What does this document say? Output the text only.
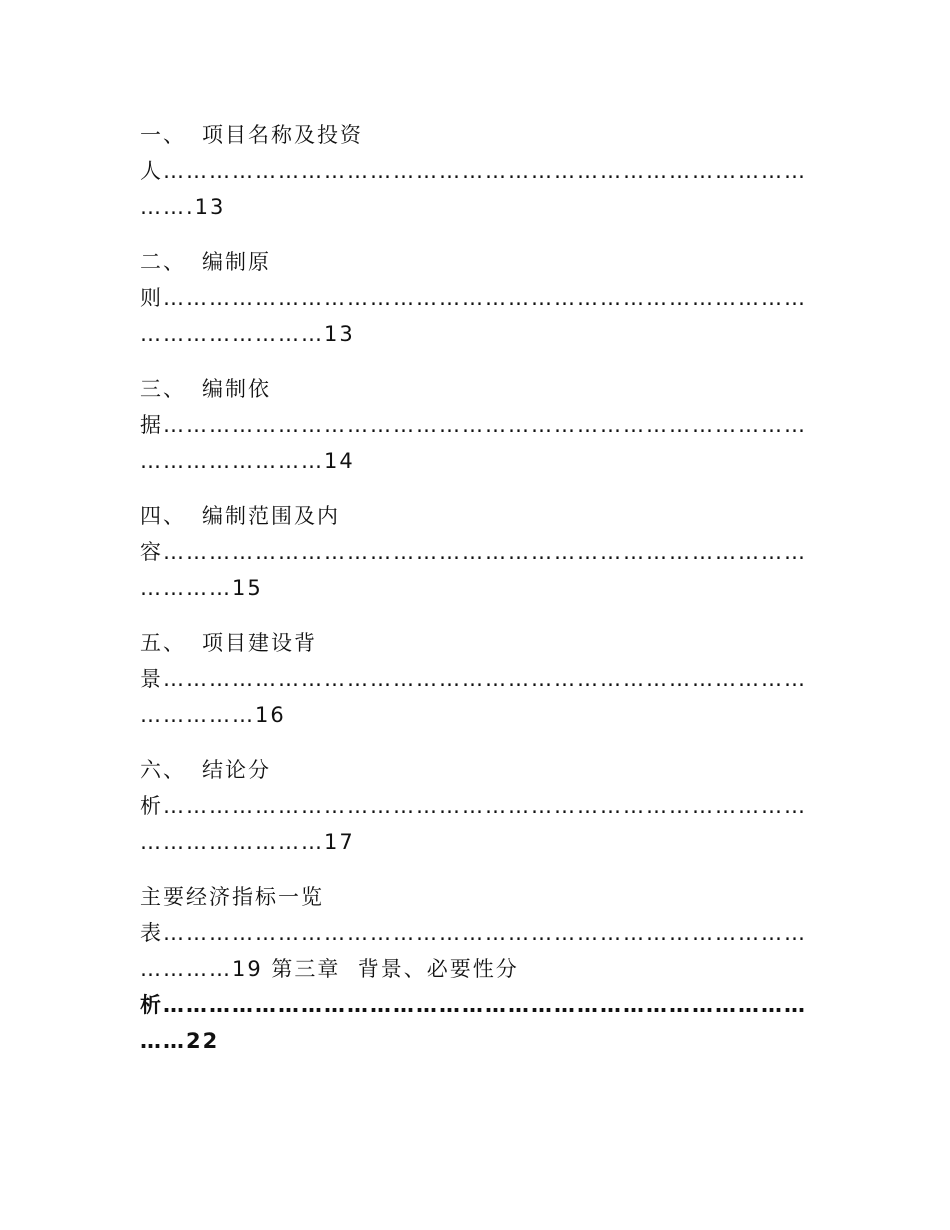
一、 项目名称及投资

人…………………………………………………………………………

…….13

二、 编制原

则…………………………………………………………………………

……………………13

三、 编制依

据…………………………………………………………………………

……………………14

四、 编制范围及内

容…………………………………………………………………………

…………15

五、 项目建设背

景…………………………………………………………………………

……………16

六、 结论分

析…………………………………………………………………………

……………………17

主要经济指标一览

表…………………………………………………………………………

…………19 第三章  背景、必要性分

析…………………………………………………………………………

……22
